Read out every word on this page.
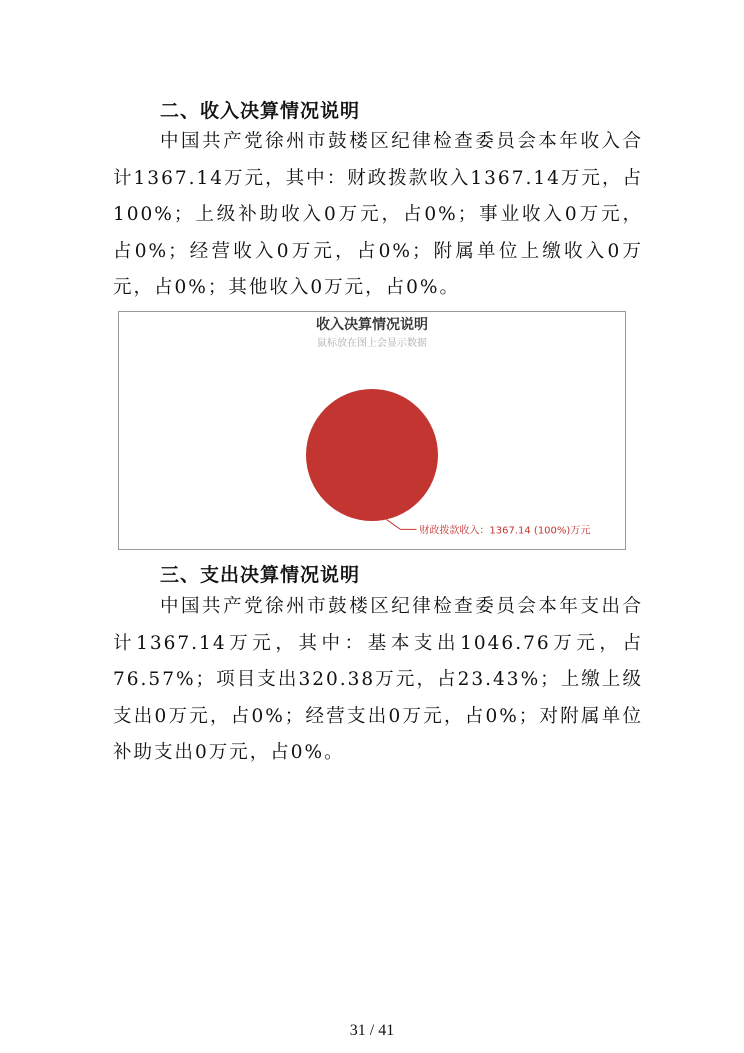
二、收入决算情况说明
中国共产党徐州市鼓楼区纪律检查委员会本年收入合计1367.14万元，其中：财政拨款收入1367.14万元，占100%；上级补助收入0万元，占0%；事业收入0万元，占0%；经营收入0万元，占0%；附属单位上缴收入0万元，占0%；其他收入0万元，占0%。
收入决算情况说明
鼠标放在图上会显示数据
财政拨款收入：1367.14 (100%)万元
三、支出决算情况说明
中国共产党徐州市鼓楼区纪律检查委员会本年支出合计1367.14万元，其中：基本支出1046.76万元，占76.57%；项目支出320.38万元，占23.43%；上缴上级支出0万元，占0%；经营支出0万元，占0%；对附属单位补助支出0万元，占0%。
31 / 41
